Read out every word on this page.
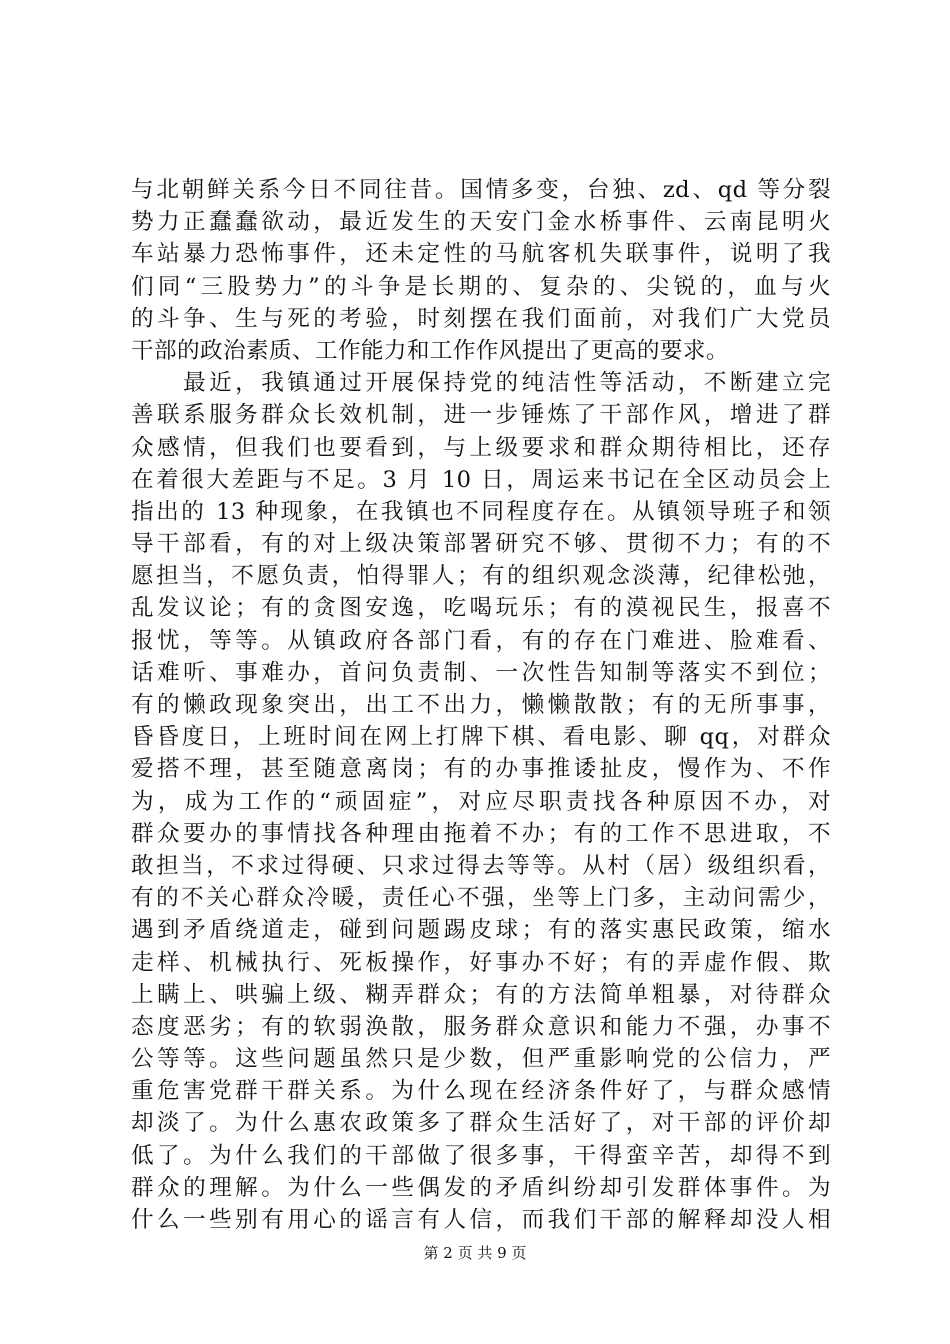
与北朝鲜关系今日不同往昔。国情多变，台独、zd、qd 等分裂
势力正蠢蠢欲动，最近发生的天安门金水桥事件、云南昆明火
车站暴力恐怖事件，还未定性的马航客机失联事件，说明了我
们同“三股势力”的斗争是长期的、复杂的、尖锐的，血与火
的斗争、生与死的考验，时刻摆在我们面前，对我们广大党员
干部的政治素质、工作能力和工作作风提出了更高的要求。
　　最近，我镇通过开展保持党的纯洁性等活动，不断建立完
善联系服务群众长效机制，进一步锤炼了干部作风，增进了群
众感情，但我们也要看到，与上级要求和群众期待相比，还存
在着很大差距与不足。3 月 10 日，周运来书记在全区动员会上
指出的 13 种现象，在我镇也不同程度存在。从镇领导班子和领
导干部看，有的对上级决策部署研究不够、贯彻不力；有的不
愿担当，不愿负责，怕得罪人；有的组织观念淡薄，纪律松弛，
乱发议论；有的贪图安逸，吃喝玩乐；有的漠视民生，报喜不
报忧，等等。从镇政府各部门看，有的存在门难进、脸难看、
话难听、事难办，首问负责制、一次性告知制等落实不到位；
有的懒政现象突出，出工不出力，懒懒散散；有的无所事事，
昏昏度日，上班时间在网上打牌下棋、看电影、聊 qq，对群众
爱搭不理，甚至随意离岗；有的办事推诿扯皮，慢作为、不作
为，成为工作的“顽固症”，对应尽职责找各种原因不办，对
群众要办的事情找各种理由拖着不办；有的工作不思进取，不
敢担当，不求过得硬、只求过得去等等。从村（居）级组织看，
有的不关心群众冷暖，责任心不强，坐等上门多，主动问需少，
遇到矛盾绕道走，碰到问题踢皮球；有的落实惠民政策，缩水
走样、机械执行、死板操作，好事办不好；有的弄虚作假、欺
上瞒上、哄骗上级、糊弄群众；有的方法简单粗暴，对待群众
态度恶劣；有的软弱涣散，服务群众意识和能力不强，办事不
公等等。这些问题虽然只是少数，但严重影响党的公信力，严
重危害党群干群关系。为什么现在经济条件好了，与群众感情
却淡了。为什么惠农政策多了群众生活好了，对干部的评价却
低了。为什么我们的干部做了很多事，干得蛮辛苦，却得不到
群众的理解。为什么一些偶发的矛盾纠纷却引发群体事件。为
什么一些别有用心的谣言有人信，而我们干部的解释却没人相
第 2 页 共 9 页
